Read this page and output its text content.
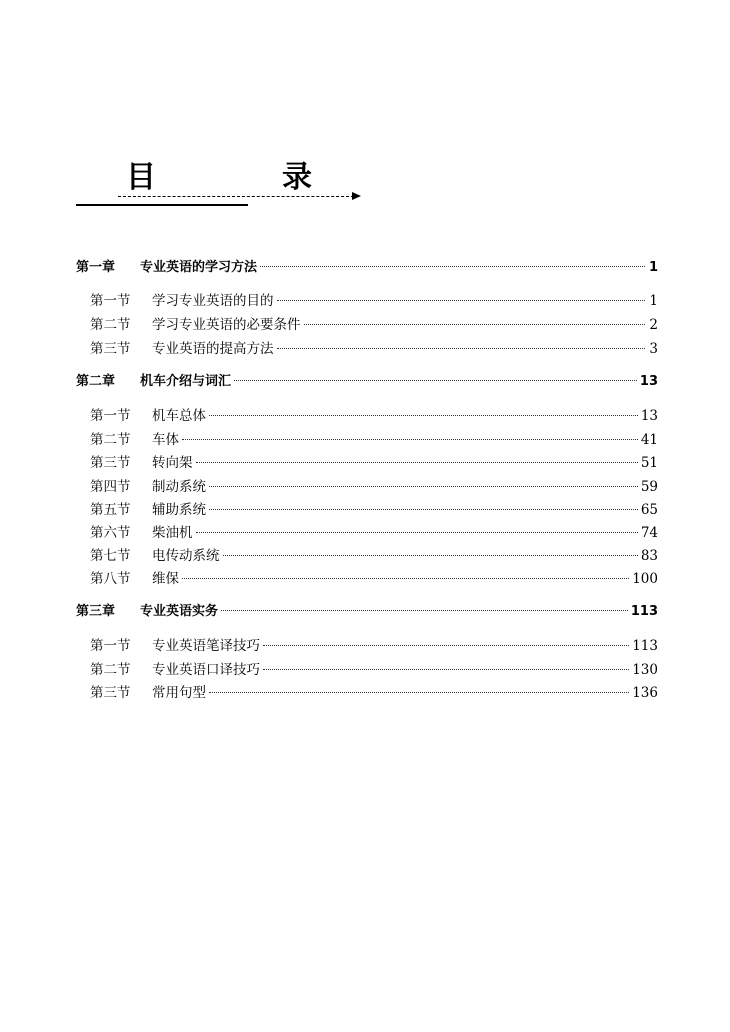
目　录
第一章	专业英语的学习方法	1
第一节	学习专业英语的目的	1
第二节	学习专业英语的必要条件	2
第三节	专业英语的提高方法	3
第二章	机车介绍与词汇	13
第一节	机车总体	13
第二节	车体	41
第三节	转向架	51
第四节	制动系统	59
第五节	辅助系统	65
第六节	柴油机	74
第七节	电传动系统	83
第八节	维保	100
第三章	专业英语实务	113
第一节	专业英语笔译技巧	113
第二节	专业英语口译技巧	130
第三节	常用句型	136
